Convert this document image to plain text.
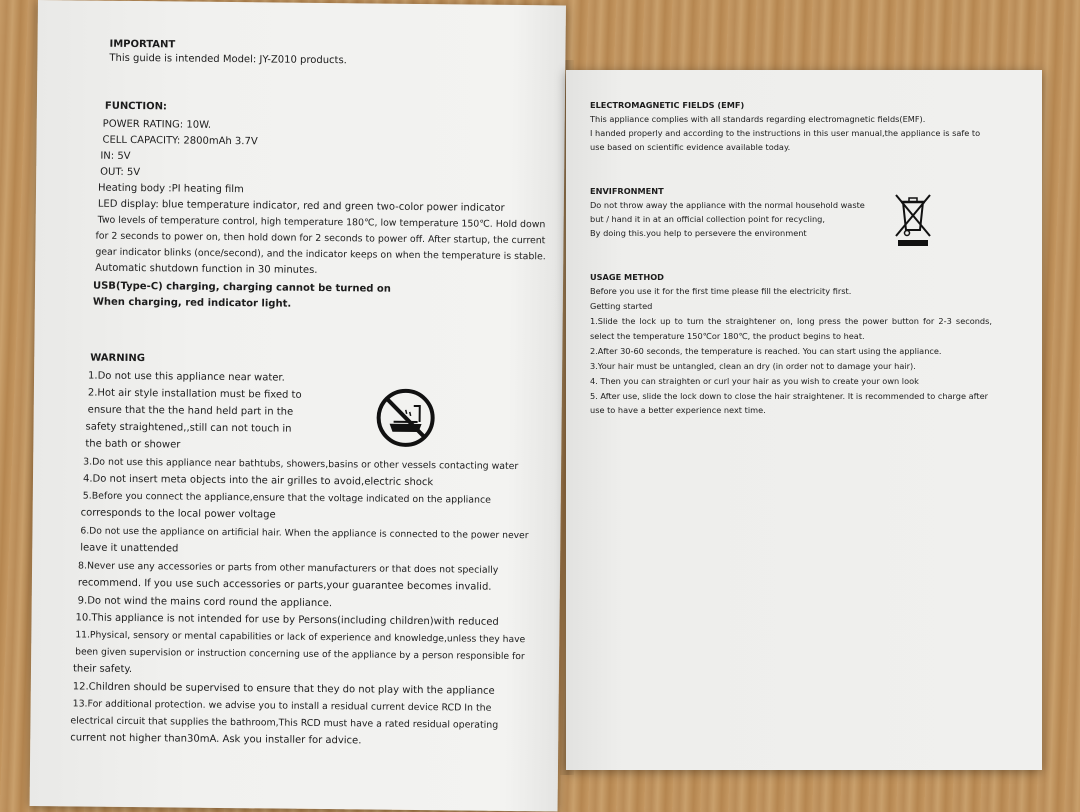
IMPORTANT
This guide is intended Model: JY-Z010 products.
FUNCTION:
POWER RATING: 10W.
CELL CAPACITY: 2800mAh 3.7V
IN: 5V
OUT: 5V
Heating body :PI heating film
LED display: blue temperature indicator, red and green two-color power indicator
Two levels of temperature control, high temperature 180℃, low temperature 150℃. Hold down
for 2 seconds to power on, then hold down for 2 seconds to power off. After startup, the current
gear indicator blinks (once/second), and the indicator keeps on when the temperature is stable.
Automatic shutdown function in 30 minutes.
USB(Type-C) charging, charging cannot be turned on
When charging, red indicator light.
WARNING
1.Do not use this appliance near water.
2.Hot air style installation must be fixed to
ensure that the the hand held part in the
safety straightened,,still can not touch in
the bath or shower
3.Do not use this appliance near bathtubs, showers,basins or other vessels contacting water
4.Do not insert meta objects into the air grilles to avoid,electric shock
5.Before you connect the appliance,ensure that the voltage indicated on the appliance
corresponds to the local power voltage
6.Do not use the appliance on artificial hair. When the appliance is connected to the power never
leave it unattended
8.Never use any accessories or parts from other manufacturers or that does not specially
recommend. If you use such accessories or parts,your guarantee becomes invalid.
9.Do not wind the mains cord round the appliance.
10.This appliance is not intended for use by Persons(including children)with reduced
11.Physical, sensory or mental capabilities or lack of experience and knowledge,unless they have
been given supervision or instruction concerning use of the appliance by a person responsible for
their safety.
12.Children should be supervised to ensure that they do not play with the appliance
13.For additional protection. we advise you to install a residual current device RCD In the
electrical circuit that supplies the bathroom,This RCD must have a rated residual operating
current not higher than30mA. Ask you installer for advice.
ELECTROMAGNETIC FIELDS (EMF)
This appliance complies with all standards regarding electromagnetic fields(EMF).
I handed properly and according to the instructions in this user manual,the appliance is safe to
use based on scientific evidence available today.
ENVIFRONMENT
Do not throw away the appliance with the normal household waste
but / hand it in at an official collection point for recycling,
By doing this.you help to persevere the environment
USAGE METHOD
Before you use it for the first time please fill the electricity first.
Getting started
1.Slide the lock up to turn the straightener on, long press the power button for 2-3 seconds,
select the temperature 150℃or 180℃, the product begins to heat.
2.After 30-60 seconds, the temperature is reached. You can start using the appliance.
3.Your hair must be untangled, clean an dry (in order not to damage your hair).
4. Then you can straighten or curl your hair as you wish to create your own look
5. After use, slide the lock down to close the hair straightener. It is recommended to charge after
use to have a better experience next time.
